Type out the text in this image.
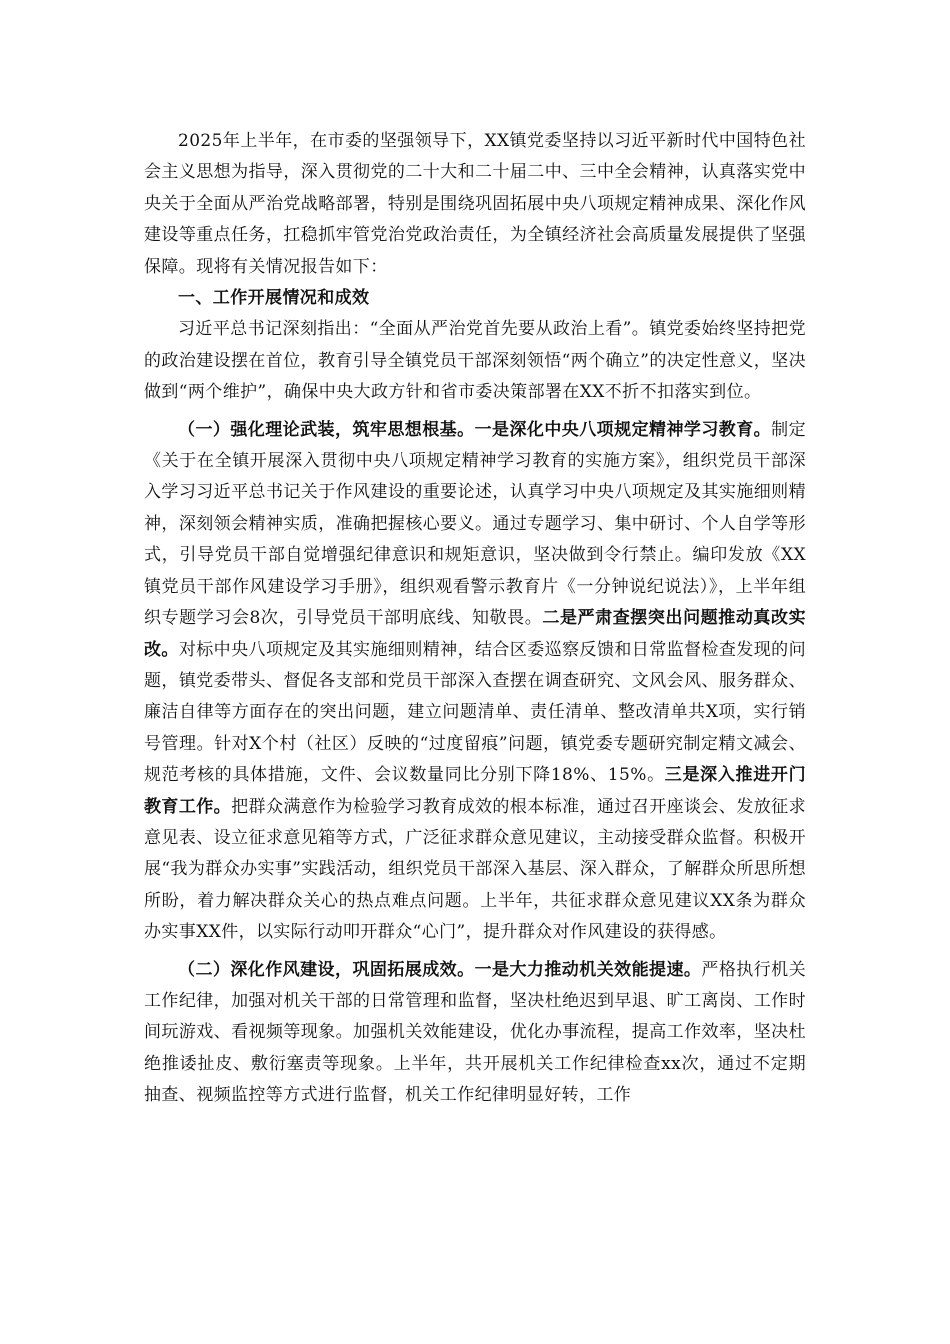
2025年上半年，在市委的坚强领导下，XX镇党委坚持以习近平新时代中国特色社会主义思想为指导，深入贯彻党的二十大和二十届二中、三中全会精神，认真落实党中央关于全面从严治党战略部署，特别是围绕巩固拓展中央八项规定精神成果、深化作风建设等重点任务，扛稳抓牢管党治党政治责任，为全镇经济社会高质量发展提供了坚强保障。现将有关情况报告如下：

一、工作开展情况和成效

习近平总书记深刻指出：“全面从严治党首先要从政治上看”。镇党委始终坚持把党的政治建设摆在首位，教育引导全镇党员干部深刻领悟“两个确立”的决定性意义，坚决做到“两个维护”，确保中央大政方针和省市委决策部署在XX不折不扣落实到位。

（一）强化理论武装，筑牢思想根基。一是深化中央八项规定精神学习教育。制定《关于在全镇开展深入贯彻中央八项规定精神学习教育的实施方案》，组织党员干部深入学习习近平总书记关于作风建设的重要论述，认真学习中央八项规定及其实施细则精神，深刻领会精神实质，准确把握核心要义。通过专题学习、集中研讨、个人自学等形式，引导党员干部自觉增强纪律意识和规矩意识，坚决做到令行禁止。编印发放《XX镇党员干部作风建设学习手册》，组织观看警示教育片《一分钟说纪说法）》，上半年组织专题学习会8次，引导党员干部明底线、知敬畏。二是严肃查摆突出问题推动真改实改。对标中央八项规定及其实施细则精神，结合区委巡察反馈和日常监督检查发现的问题，镇党委带头、督促各支部和党员干部深入查摆在调查研究、文风会风、服务群众、廉洁自律等方面存在的突出问题，建立问题清单、责任清单、整改清单共X项，实行销号管理。针对X个村（社区）反映的“过度留痕”问题，镇党委专题研究制定精文减会、规范考核的具体措施，文件、会议数量同比分别下降18%、15%。三是深入推进开门教育工作。把群众满意作为检验学习教育成效的根本标准，通过召开座谈会、发放征求意见表、设立征求意见箱等方式，广泛征求群众意见建议，主动接受群众监督。积极开展“我为群众办实事”实践活动，组织党员干部深入基层、深入群众，了解群众所思所想所盼，着力解决群众关心的热点难点问题。上半年，共征求群众意见建议XX条为群众办实事XX件，以实际行动叩开群众“心门”，提升群众对作风建设的获得感。

（二）深化作风建设，巩固拓展成效。一是大力推动机关效能提速。严格执行机关工作纪律，加强对机关干部的日常管理和监督，坚决杜绝迟到早退、旷工离岗、工作时间玩游戏、看视频等现象。加强机关效能建设，优化办事流程，提高工作效率，坚决杜绝推诿扯皮、敷衍塞责等现象。上半年，共开展机关工作纪律检查xx次，通过不定期抽查、视频监控等方式进行监督，机关工作纪律明显好转，工作
